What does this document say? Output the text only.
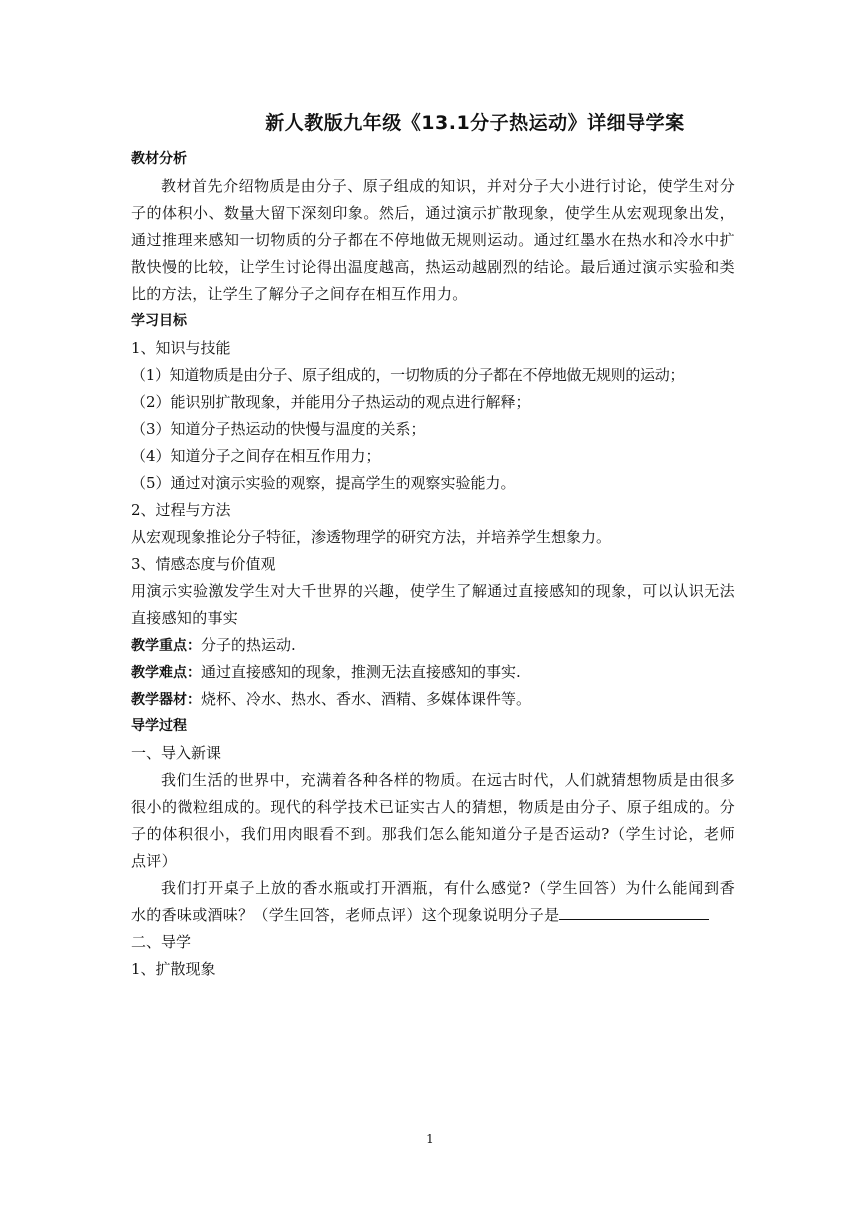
新人教版九年级《13.1分子热运动》详细导学案

教材分析

教材首先介绍物质是由分子、原子组成的知识，并对分子大小进行讨论，使学生对分子的体积小、数量大留下深刻印象。然后，通过演示扩散现象，使学生从宏观现象出发，通过推理来感知一切物质的分子都在不停地做无规则运动。通过红墨水在热水和冷水中扩散快慢的比较，让学生讨论得出温度越高，热运动越剧烈的结论。最后通过演示实验和类比的方法，让学生了解分子之间存在相互作用力。

学习目标

1、知识与技能

（1）知道物质是由分子、原子组成的，一切物质的分子都在不停地做无规则的运动；

（2）能识别扩散现象，并能用分子热运动的观点进行解释；

（3）知道分子热运动的快慢与温度的关系；

（4）知道分子之间存在相互作用力；

（5）通过对演示实验的观察，提高学生的观察实验能力。

2、过程与方法

从宏观现象推论分子特征，渗透物理学的研究方法，并培养学生想象力。

3、情感态度与价值观

用演示实验激发学生对大千世界的兴趣，使学生了解通过直接感知的现象，可以认识无法直接感知的事实

教学重点：分子的热运动.

教学难点：通过直接感知的现象，推测无法直接感知的事实.

教学器材：烧杯、冷水、热水、香水、酒精、多媒体课件等。

导学过程

一、导入新课

我们生活的世界中，充满着各种各样的物质。在远古时代，人们就猜想物质是由很多很小的微粒组成的。现代的科学技术已证实古人的猜想，物质是由分子、原子组成的。分子的体积很小，我们用肉眼看不到。那我们怎么能知道分子是否运动?（学生讨论，老师点评）

我们打开桌子上放的香水瓶或打开酒瓶，有什么感觉?（学生回答）为什么能闻到香水的香味或酒味？（学生回答，老师点评）这个现象说明分子是

二、导学

1、扩散现象

1
